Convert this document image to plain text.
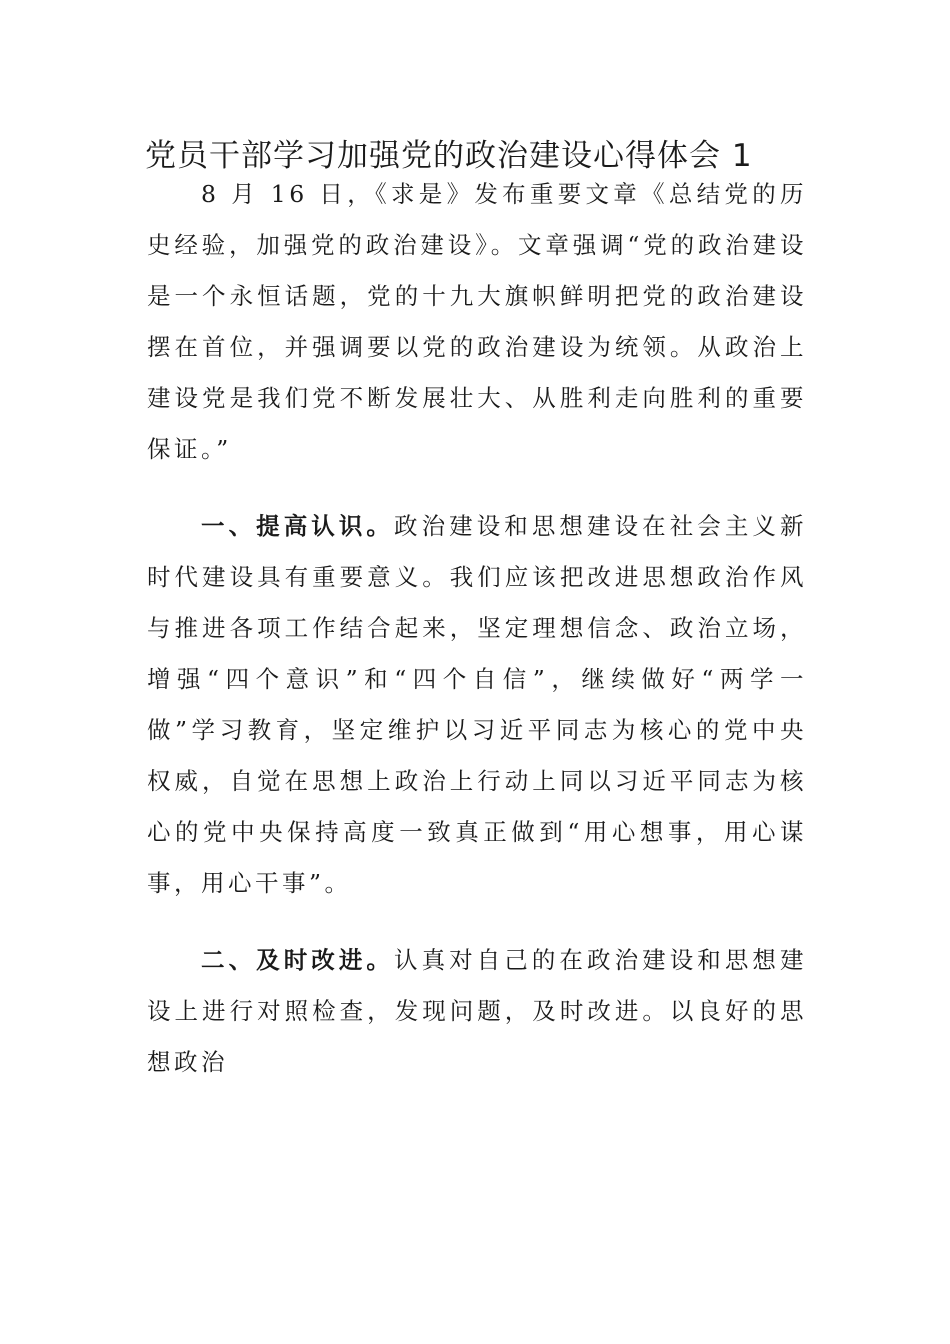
党员干部学习加强党的政治建设心得体会 1

8 月 16 日，《求是》发布重要文章《总结党的历史经验，加强党的政治建设》。文章强调“党的政治建设是一个永恒话题，党的十九大旗帜鲜明把党的政治建设摆在首位，并强调要以党的政治建设为统领。从政治上建设党是我们党不断发展壮大、从胜利走向胜利的重要保证。”

一、提高认识。政治建设和思想建设在社会主义新时代建设具有重要意义。我们应该把改进思想政治作风与推进各项工作结合起来，坚定理想信念、政治立场，增强“四个意识”和“四个自信”，继续做好“两学一做”学习教育，坚定维护以习近平同志为核心的党中央权威，自觉在思想上政治上行动上同以习近平同志为核心的党中央保持高度一致真正做到“用心想事，用心谋事，用心干事”。

二、及时改进。认真对自己的在政治建设和思想建设上进行对照检查，发现问题，及时改进。以良好的思想政治
